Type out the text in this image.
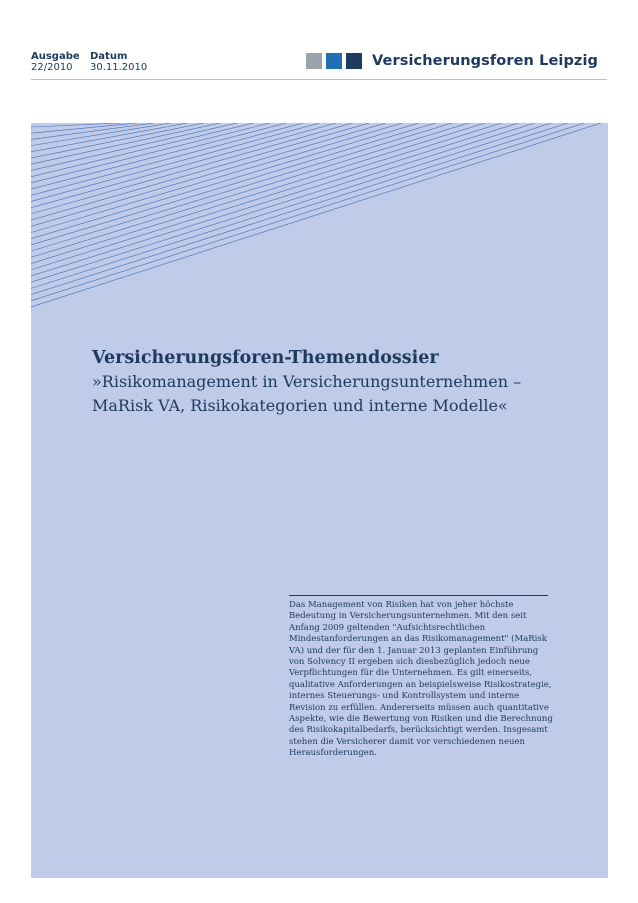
Ausgabe
22/2010
Datum
30.11.2010	Versicherungsforen Leipzig
Versicherungsforen-Themendossier
»Risikomanagement in Versicherungsunternehmen –
MaRisk VA, Risikokategorien und interne Modelle«
Das Management von Risiken hat von jeher höchste Bedeutung in Versicherungsunternehmen. Mit den seit Anfang 2009 geltenden "Aufsichtsrechtlichen Mindestanforderungen an das Risikomanagement" (MaRisk VA) und der für den 1. Januar 2013 geplanten Einführung von Solvency II ergeben sich diesbezüglich jedoch neue Verpflichtungen für die Unternehmen. Es gilt einerseits, qualitative Anforderungen an beispielsweise Risikostrategie, internes Steuerungs- und Kontrollsystem und interne Revision zu erfüllen. Andererseits müssen auch quantitative Aspekte, wie die Bewertung von Risiken und die Berechnung des Risikokapitalbedarfs, berücksichtigt werden. Insgesamt stehen die Versicherer damit vor verschiedenen neuen Herausforderungen.
